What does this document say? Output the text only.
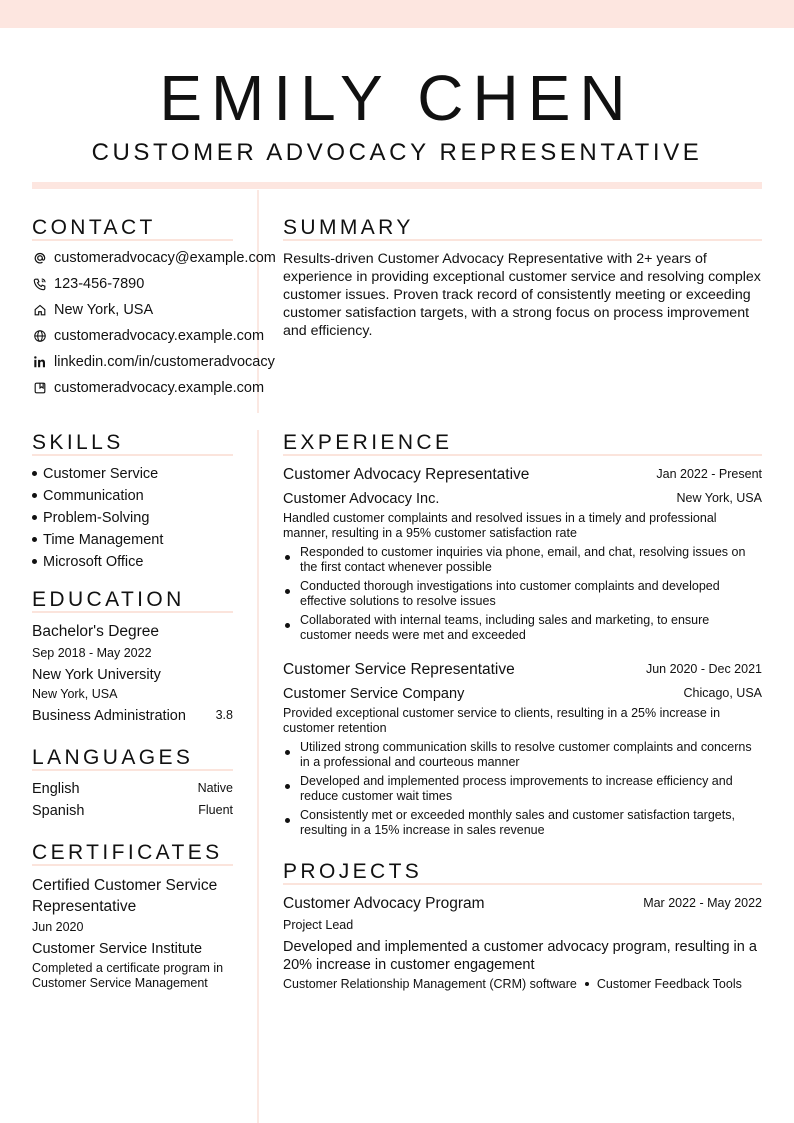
EMILY CHEN
CUSTOMER ADVOCACY REPRESENTATIVE
CONTACT
customeradvocacy@example.com
123-456-7890
New York, USA
customeradvocacy.example.com
linkedin.com/in/customeradvocacy
customeradvocacy.example.com
SUMMARY
Results-driven Customer Advocacy Representative with 2+ years of experience in providing exceptional customer service and resolving complex customer issues. Proven track record of consistently meeting or exceeding customer satisfaction targets, with a strong focus on process improvement and efficiency.
SKILLS
Customer Service
Communication
Problem-Solving
Time Management
Microsoft Office
EDUCATION
Bachelor's Degree
Sep 2018 - May 2022
New York University
New York, USA
Business Administration	3.8
LANGUAGES
English	Native
Spanish	Fluent
CERTIFICATES
Certified Customer Service Representative
Jun 2020
Customer Service Institute
Completed a certificate program in Customer Service Management
EXPERIENCE
Customer Advocacy Representative	Jan 2022 - Present
Customer Advocacy Inc.	New York, USA
Handled customer complaints and resolved issues in a timely and professional manner, resulting in a 95% customer satisfaction rate
Responded to customer inquiries via phone, email, and chat, resolving issues on the first contact whenever possible
Conducted thorough investigations into customer complaints and developed effective solutions to resolve issues
Collaborated with internal teams, including sales and marketing, to ensure customer needs were met and exceeded
Customer Service Representative	Jun 2020 - Dec 2021
Customer Service Company	Chicago, USA
Provided exceptional customer service to clients, resulting in a 25% increase in customer retention
Utilized strong communication skills to resolve customer complaints and concerns in a professional and courteous manner
Developed and implemented process improvements to increase efficiency and reduce customer wait times
Consistently met or exceeded monthly sales and customer satisfaction targets, resulting in a 15% increase in sales revenue
PROJECTS
Customer Advocacy Program	Mar 2022 - May 2022
Project Lead
Developed and implemented a customer advocacy program, resulting in a 20% increase in customer engagement
Customer Relationship Management (CRM) software Customer Feedback Tools
